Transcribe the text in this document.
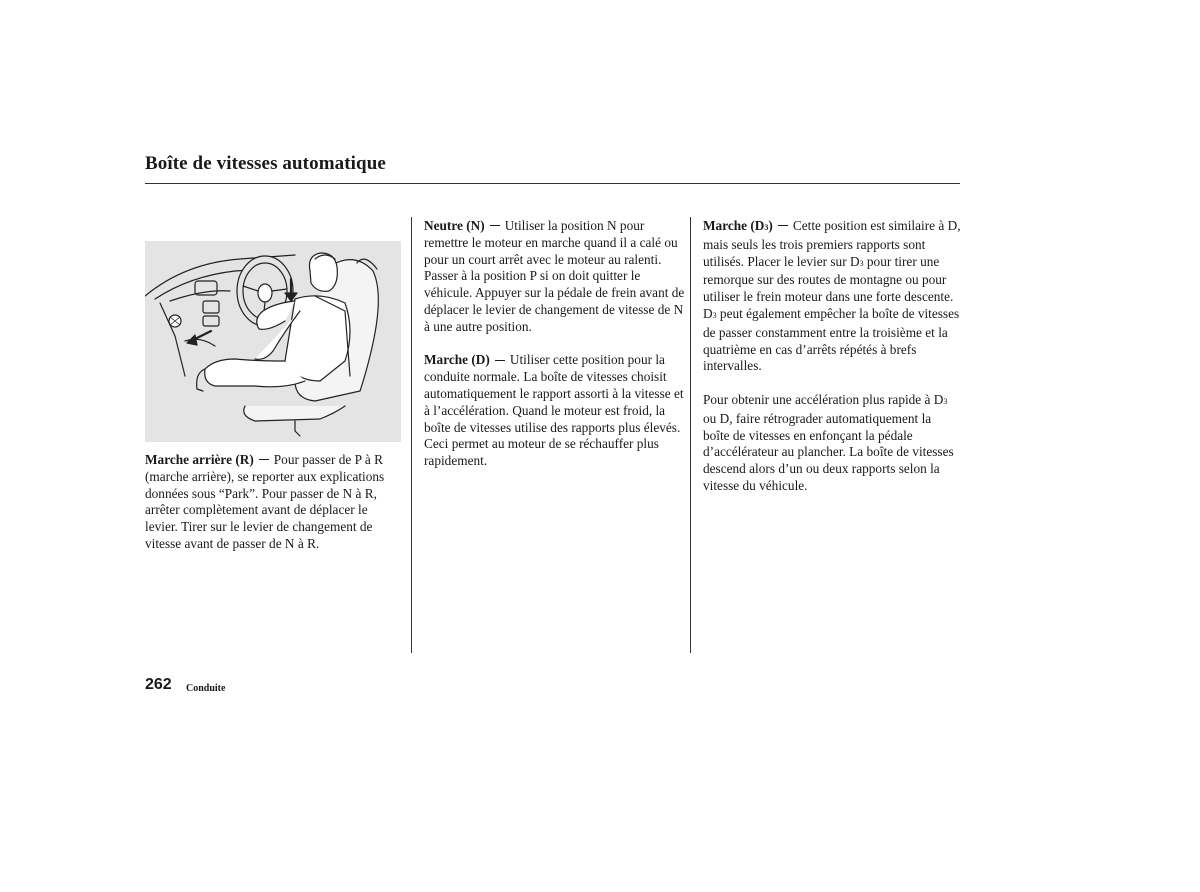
Boîte de vitesses automatique

Marche arrière (R) Pour passer de P à R (marche arrière), se reporter aux explications données sous “Park”. Pour passer de N à R, arrêter complètement avant de déplacer le levier. Tirer sur le levier de changement de vitesse avant de passer de N à R.

Neutre (N) Utiliser la position N pour remettre le moteur en marche quand il a calé ou pour un court arrêt avec le moteur au ralenti. Passer à la position P si on doit quitter le véhicule. Appuyer sur la pédale de frein avant de déplacer le levier de changement de vitesse de N à une autre position.

Marche (D) Utiliser cette position pour la conduite normale. La boîte de vitesses choisit automatiquement le rapport assorti à la vitesse et à l’accélération. Quand le moteur est froid, la boîte de vitesses utilise des rapports plus élevés. Ceci permet au moteur de se réchauffer plus rapidement.

Marche (D3) Cette position est similaire à D, mais seuls les trois premiers rapports sont utilisés. Placer le levier sur D3 pour tirer une remorque sur des routes de montagne ou pour utiliser le frein moteur dans une forte descente. D3 peut également empêcher la boîte de vitesses de passer constamment entre la troisième et la quatrième en cas d’arrêts répétés à brefs intervalles.

Pour obtenir une accélération plus rapide à D3 ou D, faire rétrograder automatiquement la boîte de vitesses en enfonçant la pédale d’accélérateur au plancher. La boîte de vitesses descend alors d’un ou deux rapports selon la vitesse du véhicule.

262 Conduite
